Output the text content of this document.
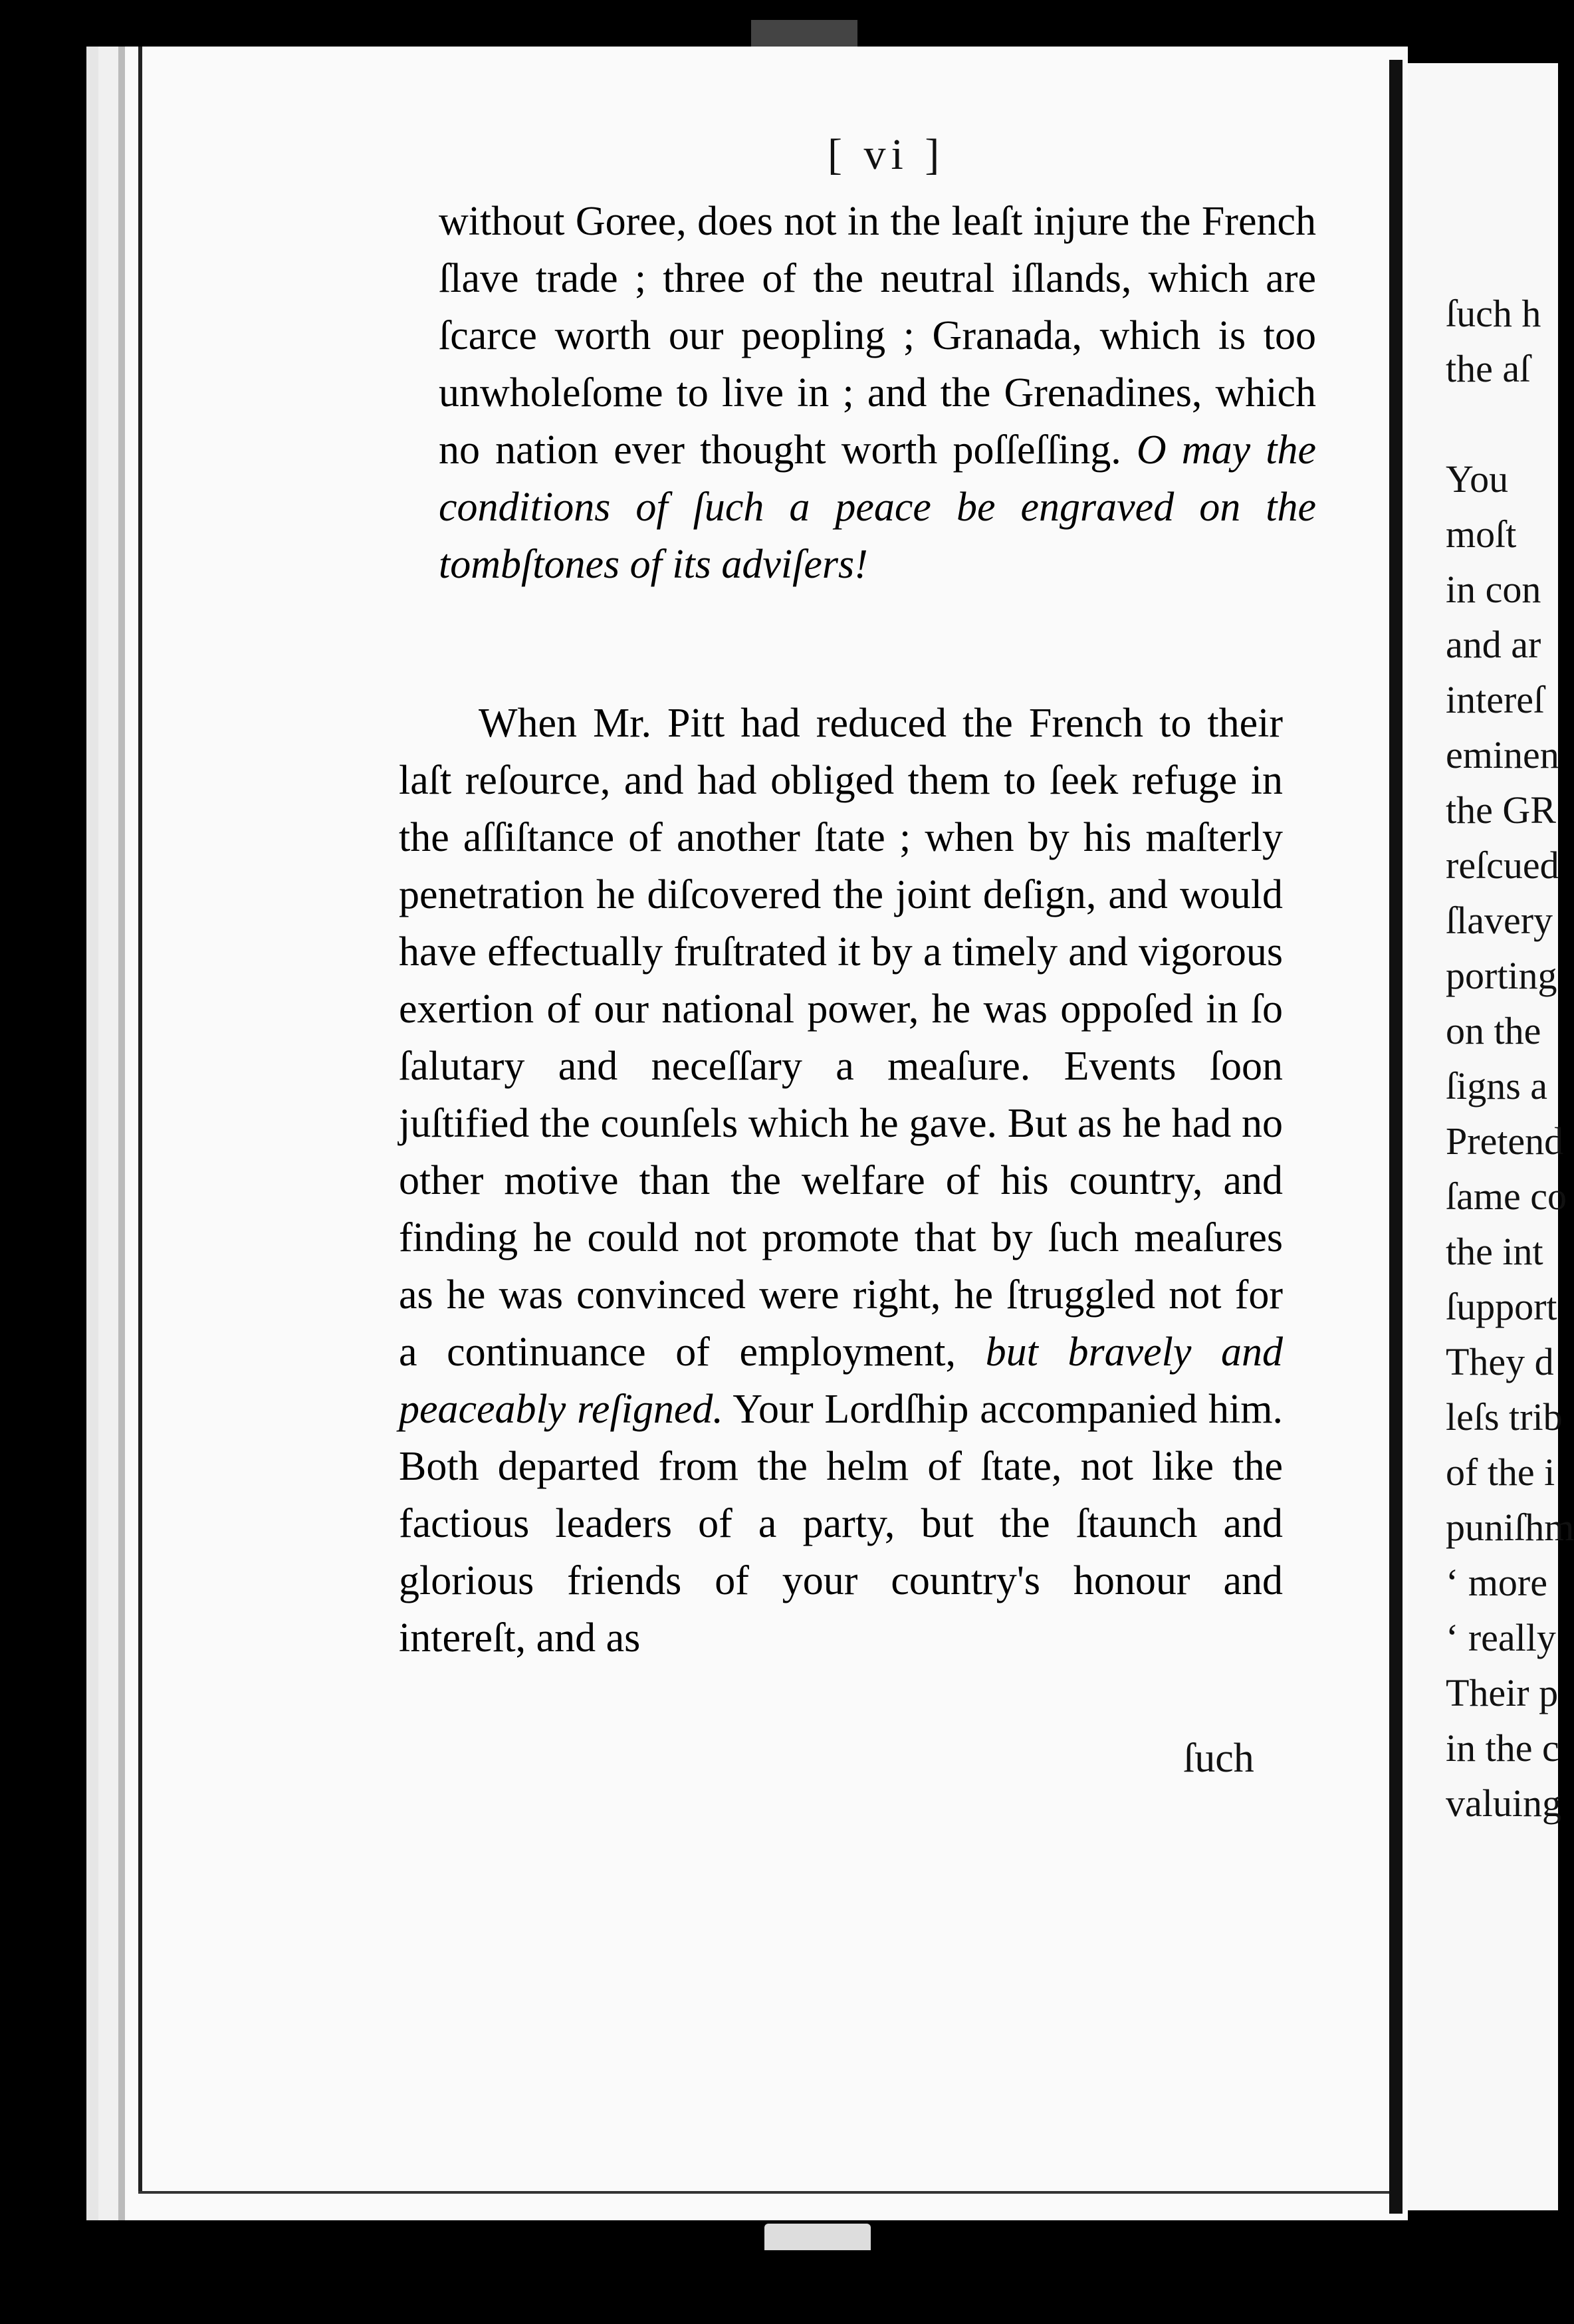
[ vi ]

without Goree, does not in the leaſt injure the French ſlave trade ; three of the neutral iſlands, which are ſcarce worth our peopling ; Granada, which is too unwholeſome to live in ; and the Grenadines, which no nation ever thought worth poſſeſſing. O may the conditions of ſuch a peace be engraved on the tombſtones of its adviſers!

When Mr. Pitt had reduced the French to their laſt reſource, and had obliged them to ſeek refuge in the aſſiſtance of another ſtate ; when by his maſterly penetration he diſcovered the joint deſign, and would have effectually fruſtrated it by a timely and vigorous exertion of our national power, he was oppoſed in ſo ſalutary and neceſſary a meaſure. Events ſoon juſtified the counſels which he gave. But as he had no other motive than the welfare of his country, and finding he could not promote that by ſuch meaſures as he was convinced were right, he ſtruggled not for a continuance of employment, but bravely and peaceably reſigned. Your Lordſhip accompanied him. Both departed from the helm of ſtate, not like the factious leaders of a party, but the ſtaunch and glorious friends of your country's honour and intereſt, and as

ſuch
ſuch h
the aſ
You
moſt
in con
and ar
intereſ
eminen
the GR
reſcued
ſlavery
porting
on the
ſigns a
Pretend
ſame co
the int
ſupport
They d
leſs trib
of the i
puniſhm
‘ more
‘ really
Their p
in the c
valuing
